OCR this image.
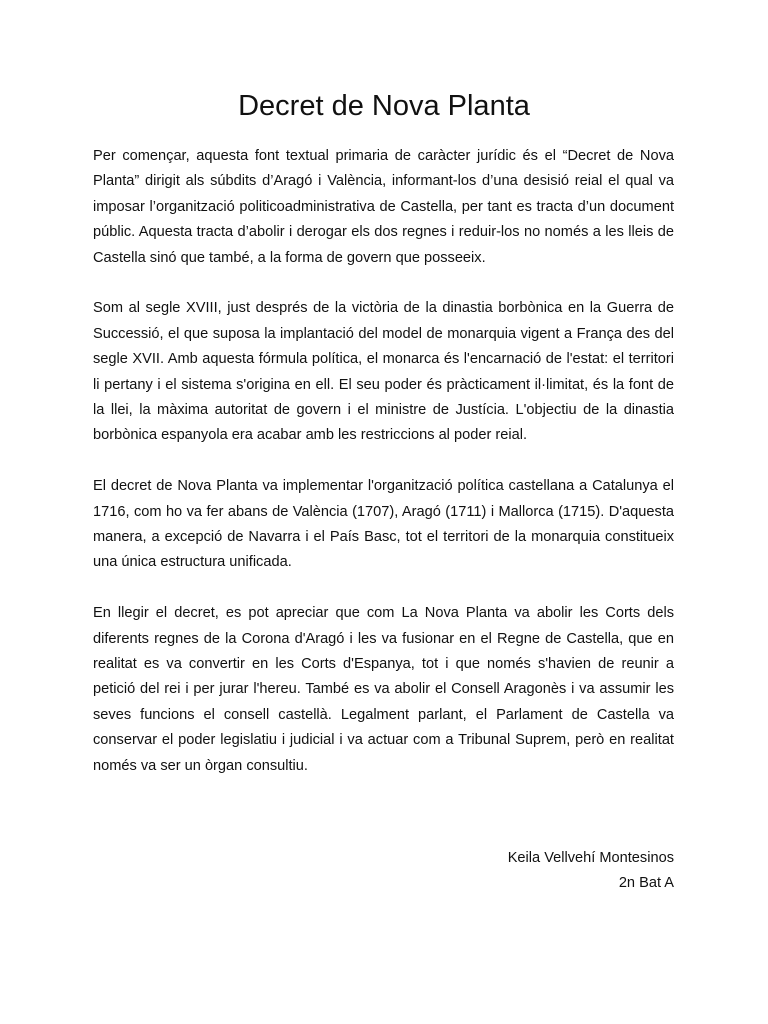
Decret de Nova Planta

Per començar, aquesta font textual primaria de caràcter jurídic és el “Decret de Nova Planta” dirigit als súbdits d’Aragó i València, informant-los d’una desisió reial el qual va imposar l’organització politicoadministrativa de Castella, per tant es tracta d’un document públic. Aquesta tracta d’abolir i derogar els dos regnes i reduir-los no només a les lleis de Castella sinó que també, a la forma de govern que posseeix.

Som al segle XVIII, just després de la victòria de la dinastia borbònica en la Guerra de Successió, el que suposa la implantació del model de monarquia vigent a França des del segle XVII. Amb aquesta fórmula política, el monarca és l'encarnació de l'estat: el territori li pertany i el sistema s'origina en ell. El seu poder és pràcticament il·limitat, és la font de la llei, la màxima autoritat de govern i el ministre de Justícia. L'objectiu de la dinastia borbònica espanyola era acabar amb les restriccions al poder reial.

El decret de Nova Planta va implementar l'organització política castellana a Catalunya el 1716, com ho va fer abans de València (1707), Aragó (1711) i Mallorca (1715). D'aquesta manera, a excepció de Navarra i el País Basc, tot el territori de la monarquia constitueix una única estructura unificada.

En llegir el decret, es pot apreciar que com La Nova Planta va abolir les Corts dels diferents regnes de la Corona d'Aragó i les va fusionar en el Regne de Castella, que en realitat es va convertir en les Corts d'Espanya, tot i que només s'havien de reunir a petició del rei i per jurar l'hereu. També es va abolir el Consell Aragonès i va assumir les seves funcions el consell castellà. Legalment parlant, el Parlament de Castella va conservar el poder legislatiu i judicial i va actuar com a Tribunal Suprem, però en realitat només va ser un òrgan consultiu.

Keila Vellvehí Montesinos
2n Bat A
